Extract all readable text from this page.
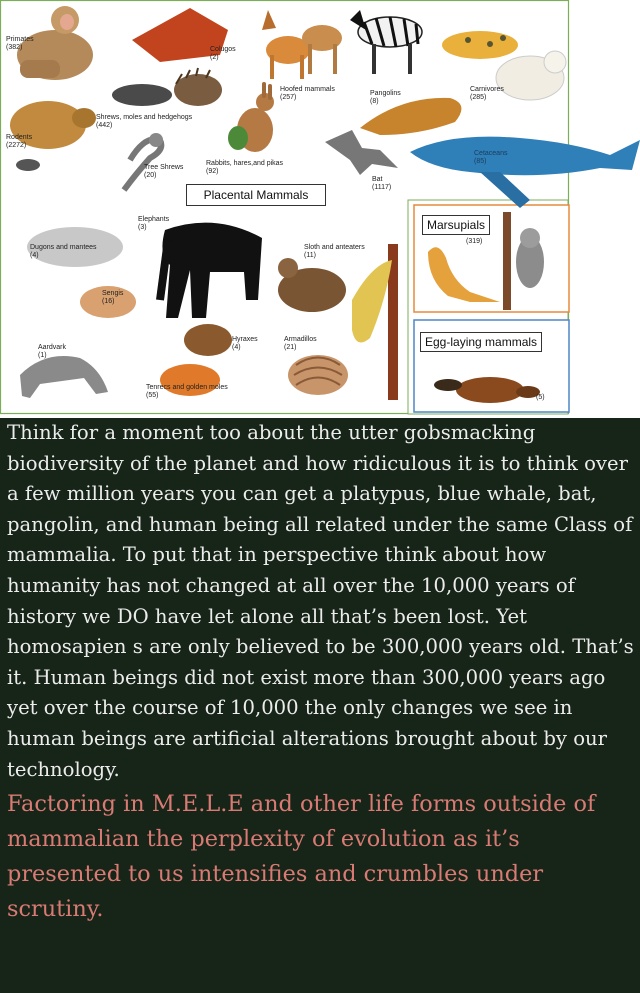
Placental Mammals
Marsupials
(319)
Egg-laying mammals
(5)
Primates
(382)	Colugos
(2)
Hoofed mammals
(257)
Pangolins
(8)
Carnivores
(285)
Shrews, moles and hedgehogs
(442)
Rodents
(2272)
Cetaceans
(85)
Tree Shrews
(20)
Rabbits, hares,and pikas
(92)
Bat
(1117)
Elephants
(3)
Dugons and mantees
(4)
Sloth and anteaters
(11)
Sengis
(16)
Hyraxes
(4)
Armadillos
(21)
Aardvark
(1)
Tenrecs and golden moles
(55)

Think for a moment too about the utter gobsmacking biodiversity of the planet and how ridiculous it is to think over a few million years you can get a platypus, blue whale, bat, pangolin, and human being all related under the same Class of mammalia. To put that in perspective think about how humanity has not changed at all over the 10,000 years of history we DO have let alone all that’s been lost. Yet homosapien s are only believed to be 300,000 years old. That’s it. Human beings did not exist more than 300,000 years ago yet over the course of 10,000 the only changes we see in human beings are artificial alterations brought about by our technology.

Factoring in M.E.L.E and other life forms outside of mammalian the perplexity of evolution as it’s presented to us intensifies and crumbles under scrutiny.
